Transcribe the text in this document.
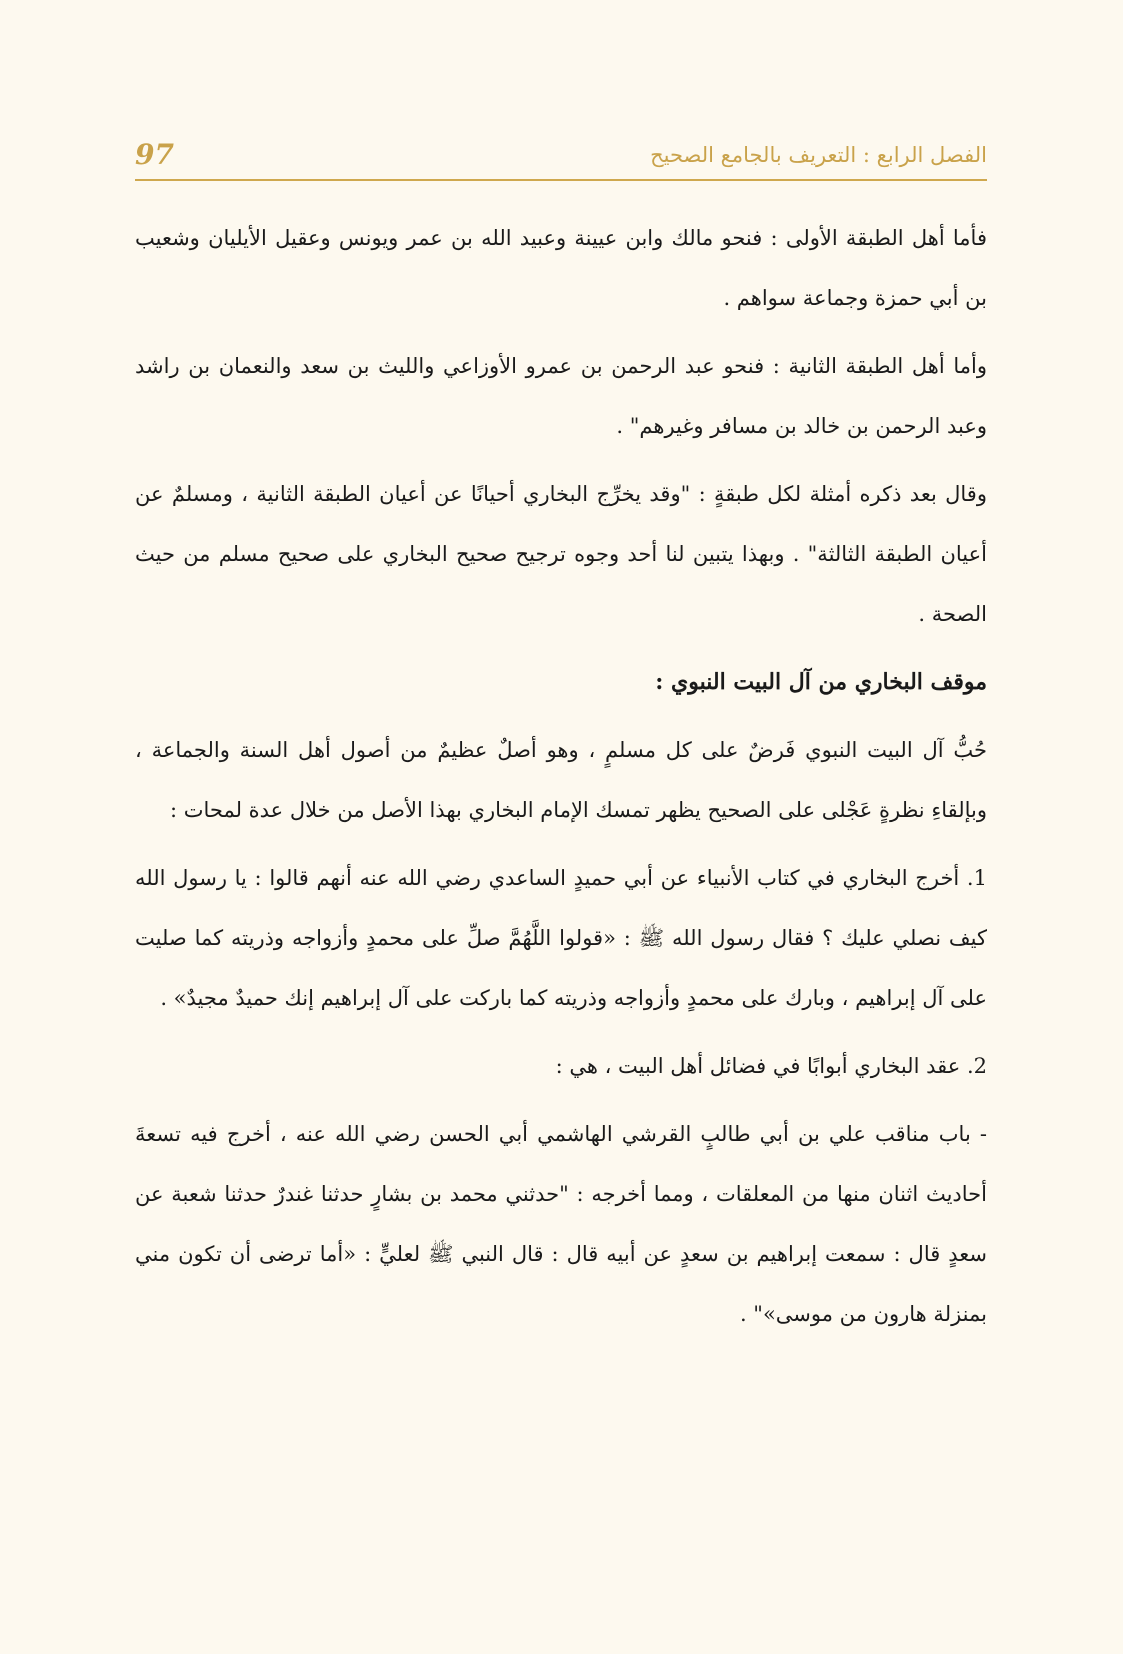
97	الفصل الرابع : التعريف بالجامع الصحيح

فأما أهل الطبقة الأولى : فنحو مالك وابن عيينة وعبيد الله بن عمر ويونس وعقيل الأيليان وشعيب بن أبي حمزة وجماعة سواهم .

وأما أهل الطبقة الثانية : فنحو عبد الرحمن بن عمرو الأوزاعي والليث بن سعد والنعمان بن راشد وعبد الرحمن بن خالد بن مسافر وغيرهم" .

وقال بعد ذكره أمثلة لكل طبقةٍ : "وقد يخرِّج البخاري أحيانًا عن أعيان الطبقة الثانية ، ومسلمٌ عن أعيان الطبقة الثالثة" . وبهذا يتبين لنا أحد وجوه ترجيح صحيح البخاري على صحيح مسلم من حيث الصحة .

موقف البخاري من آل البيت النبوي :

حُبُّ آل البيت النبوي فَرضٌ على كل مسلمٍ ، وهو أصلٌ عظيمٌ من أصول أهل السنة والجماعة ، وبإلقاءِ نظرةٍ عَجْلى على الصحيح يظهر تمسك الإمام البخاري بهذا الأصل من خلال عدة لمحات :

1. أخرج البخاري في كتاب الأنبياء عن أبي حميدٍ الساعدي رضي الله عنه أنهم قالوا : يا رسول الله كيف نصلي عليك ؟ فقال رسول الله ﷺ : «قولوا اللَّهُمَّ صلِّ على محمدٍ وأزواجه وذريته كما صليت على آل إبراهيم ، وبارك على محمدٍ وأزواجه وذريته كما باركت على آل إبراهيم إنك حميدٌ مجيدٌ» .

2. عقد البخاري أبوابًا في فضائل أهل البيت ، هي :

- باب مناقب علي بن أبي طالبٍ القرشي الهاشمي أبي الحسن رضي الله عنه ، أخرج فيه تسعةَ أحاديث اثنان منها من المعلقات ، ومما أخرجه : "حدثني محمد بن بشارٍ حدثنا غندرٌ حدثنا شعبة عن سعدٍ قال : سمعت إبراهيم بن سعدٍ عن أبيه قال : قال النبي ﷺ لعليٍّ : «أما ترضى أن تكون مني بمنزلة هارون من موسى»" .
